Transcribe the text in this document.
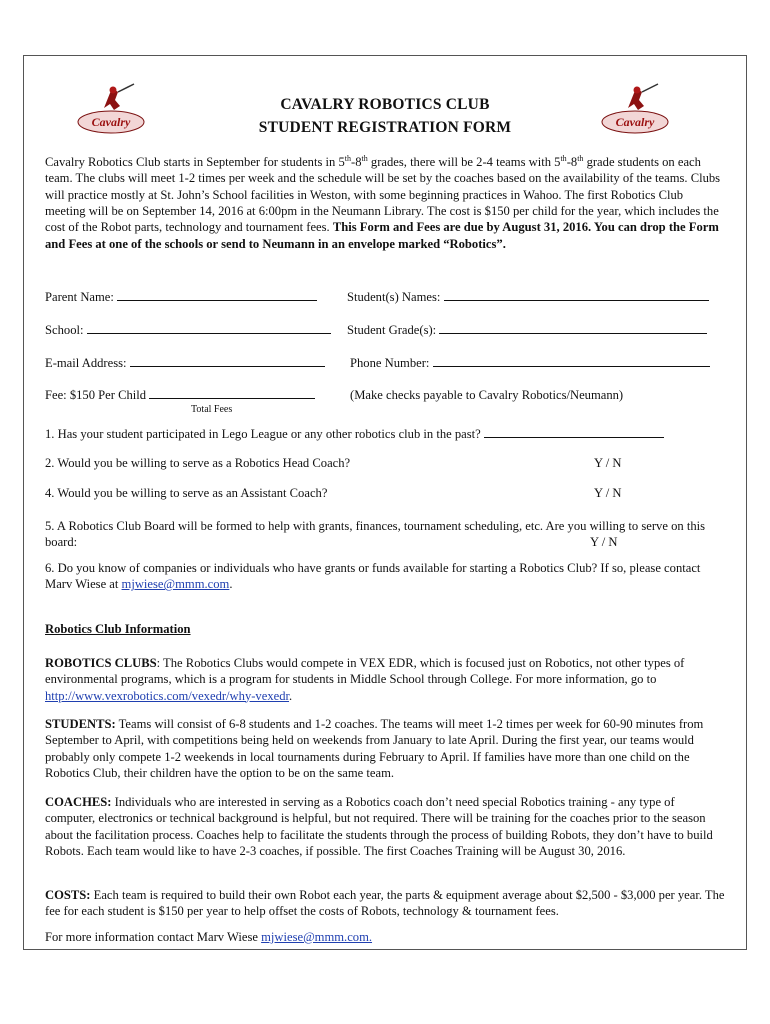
Cavalry	Cavalry
CAVALRY ROBOTICS CLUB
STUDENT REGISTRATION FORM
Cavalry Robotics Club starts in September for students in 5th-8th grades, there will be 2-4 teams with 5th-8th grade students on each team. The clubs will meet 1-2 times per week and the schedule will be set by the coaches based on the availability of the teams. Clubs will practice mostly at St. John’s School facilities in Weston, with some beginning practices in Wahoo. The first Robotics Club meeting will be on September 14, 2016 at 6:00pm in the Neumann Library. The cost is $150 per child for the year, which includes the cost of the Robot parts, technology and tournament fees. This Form and Fees are due by August 31, 2016. You can drop the Form and Fees at one of the schools or send to Neumann in an envelope marked “Robotics”.
Parent Name:	Student(s) Names:
School:	Student Grade(s):
E-mail Address:	Phone Number:
Fee: $150 Per Child	(Make checks payable to Cavalry Robotics/Neumann)
Total Fees
1. Has your student participated in Lego League or any other robotics club in the past?
2. Would you be willing to serve as a Robotics Head Coach?	Y / N
4. Would you be willing to serve as an Assistant Coach?	Y / N
5. A Robotics Club Board will be formed to help with grants, finances, tournament scheduling, etc. Are you willing to serve on this board:	Y / N
6. Do you know of companies or individuals who have grants or funds available for starting a Robotics Club? If so, please contact Marv Wiese at mjwiese@mmm.com.
Robotics Club Information
ROBOTICS CLUBS: The Robotics Clubs would compete in VEX EDR, which is focused just on Robotics, not other types of environmental programs, which is a program for students in Middle School through College. For more information, go to http://www.vexrobotics.com/vexedr/why-vexedr.
STUDENTS: Teams will consist of 6-8 students and 1-2 coaches. The teams will meet 1-2 times per week for 60-90 minutes from September to April, with competitions being held on weekends from January to late April. During the first year, our teams would probably only compete 1-2 weekends in local tournaments during February to April. If families have more than one child on the Robotics Club, their children have the option to be on the same team.
COACHES: Individuals who are interested in serving as a Robotics coach don’t need special Robotics training - any type of computer, electronics or technical background is helpful, but not required. There will be training for the coaches prior to the season about the facilitation process. Coaches help to facilitate the students through the process of building Robots, they don’t have to build Robots. Each team would like to have 2-3 coaches, if possible. The first Coaches Training will be August 30, 2016.
COSTS: Each team is required to build their own Robot each year, the parts & equipment average about $2,500 - $3,000 per year. The fee for each student is $150 per year to help offset the costs of Robots, technology & tournament fees.
For more information contact Marv Wiese mjwiese@mmm.com.
